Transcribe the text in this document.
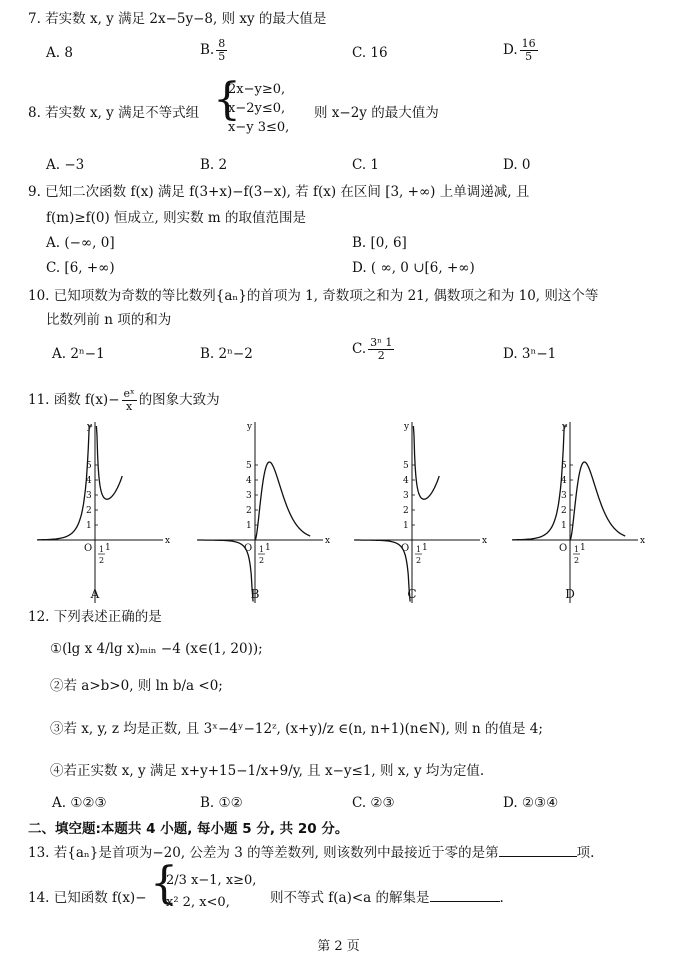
7. 若实数 x, y 满足 2x−5y−8, 则 xy 的最大值是
A. 8	B. $\frac{8}{5}$	C. 16	D. $\frac{16}{5}$
8. 若实数 x, y 满足不等式组 {
2x−y≥0,
x−2y≤0,
x−y 3≤0,
则 x−2y 的最大值为
A. −3	B. 2	C. 1	D. 0
9. 已知二次函数 f(x) 满足 f(3+x)−f(3−x), 若 f(x) 在区间 [3, +∞) 上单调递减, 且
f(m)≥f(0) 恒成立, 则实数 m 的取值范围是
A. (−∞, 0]	B. [0, 6]
C. [6, +∞)	D. ( ∞, 0 ∪[6, +∞)
10. 已知项数为奇数的等比数列{aₙ}的首项为 1, 奇数项之和为 21, 偶数项之和为 10, 则这个等
比数列前 n 项的和为
A. 2ⁿ−1	B. 2ⁿ−2	C. $\frac{\text{3ⁿ 1}}{2}$	D. 3ⁿ−1
11. 函数 $f(x)- \frac{\text{eˣ}}{x}$ 的图象大致为
x
y
O
5
4
3
2
1
1
1
2
A
x
y
O
5
4
3
2
1
1
1
2
B
x
y
O
5
4
3
2
1
1
1
2
C
x
y
O
5
4
3
2
1
1
1
2
D
12. 下列表述正确的是
①(lg x 4/lg x)ₘᵢₙ −4 (x∈(1, 20));
②若 a>b>0, 则 ln b/a <0;
③若 x, y, z 均是正数, 且 3ˣ−4ʸ−12ᶻ, (x+y)/z ∈(n, n+1)(n∈N), 则 n 的值是 4;
④若正实数 x, y 满足 x+y+15−1/x+9/y, 且 x−y≤1, 则 x, y 均为定值.
A. ①②③	B. ①②	C. ②③	D. ②③④
二、填空题:本题共 4 小题, 每小题 5 分, 共 20 分。
13. 若{aₙ}是首项为−20, 公差为 3 的等差数列, 则该数列中最接近于零的是第	项.
14. 已知函数 f(x)− {
2/3 x−1, x≥0,
x² 2, x<0,	则不等式 f(a)<a 的解集是	.
第 2 页
